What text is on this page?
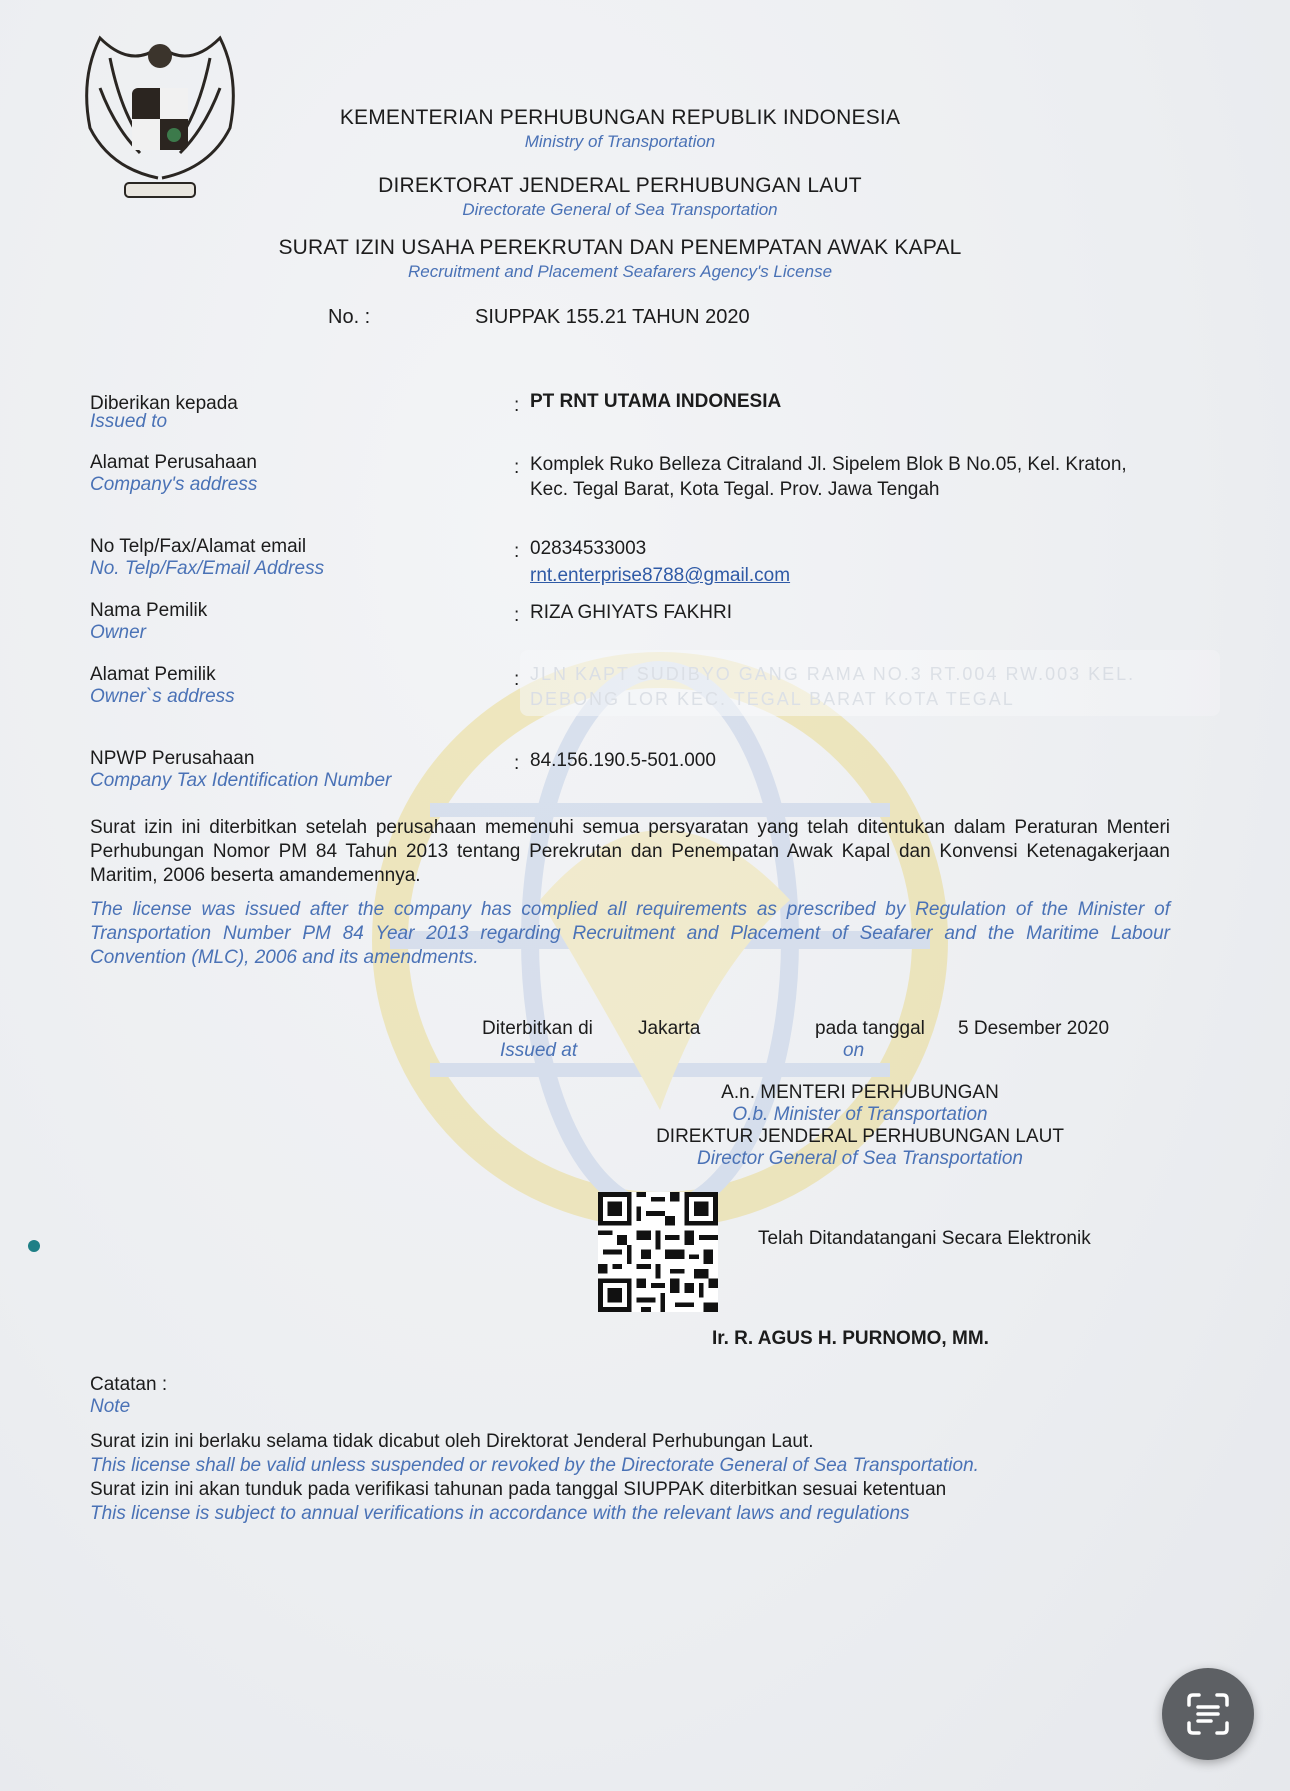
KEMENTERIAN PERHUBUNGAN REPUBLIK INDONESIA
Ministry of Transportation
DIREKTORAT JENDERAL PERHUBUNGAN LAUT
Directorate General of Sea Transportation
SURAT IZIN USAHA PEREKRUTAN DAN PENEMPATAN AWAK KAPAL
Recruitment and Placement Seafarers Agency's License
No. :	SIUPPAK 155.21 TAHUN 2020
Diberikan kepada
Issued to
: PT RNT UTAMA INDONESIA
Alamat Perusahaan
Company's address
: Komplek Ruko Belleza Citraland Jl. Sipelem Blok B No.05, Kel. Kraton,
Kec. Tegal Barat, Kota Tegal. Prov. Jawa Tengah
No Telp/Fax/Alamat email
No. Telp/Fax/Email Address
: 02834533003
rnt.enterprise8788@gmail.com
Nama Pemilik
Owner
: RIZA GHIYATS FAKHRI
Alamat Pemilik
Owner`s address
:
NPWP Perusahaan
Company Tax Identification Number
: 84.156.190.5-501.000
Surat izin ini diterbitkan setelah perusahaan memenuhi semua persyaratan yang telah ditentukan dalam Peraturan Menteri Perhubungan Nomor PM 84 Tahun 2013 tentang Perekrutan dan Penempatan Awak Kapal dan Konvensi Ketenagakerjaan Maritim, 2006 beserta amandemennya.
The license was issued after the company has complied all requirements as prescribed by Regulation of the Minister of Transportation Number PM 84 Year 2013 regarding Recruitment and Placement of Seafarer and the Maritime Labour Convention (MLC), 2006 and its amendments.
Diterbitkan di
Issued at
Jakarta	pada tanggal
on
5 Desember 2020
A.n. MENTERI PERHUBUNGAN
O.b. Minister of Transportation
DIREKTUR JENDERAL PERHUBUNGAN LAUT
Director General of Sea Transportation
Telah Ditandatangani Secara Elektronik
Ir. R. AGUS H. PURNOMO, MM.
Catatan :
Note
Surat izin ini berlaku selama tidak dicabut oleh Direktorat Jenderal Perhubungan Laut.
This license shall be valid unless suspended or revoked by the Directorate General of Sea Transportation.
Surat izin ini akan tunduk pada verifikasi tahunan pada tanggal SIUPPAK diterbitkan sesuai ketentuan
This license is subject to annual verifications in accordance with the relevant laws and regulations
